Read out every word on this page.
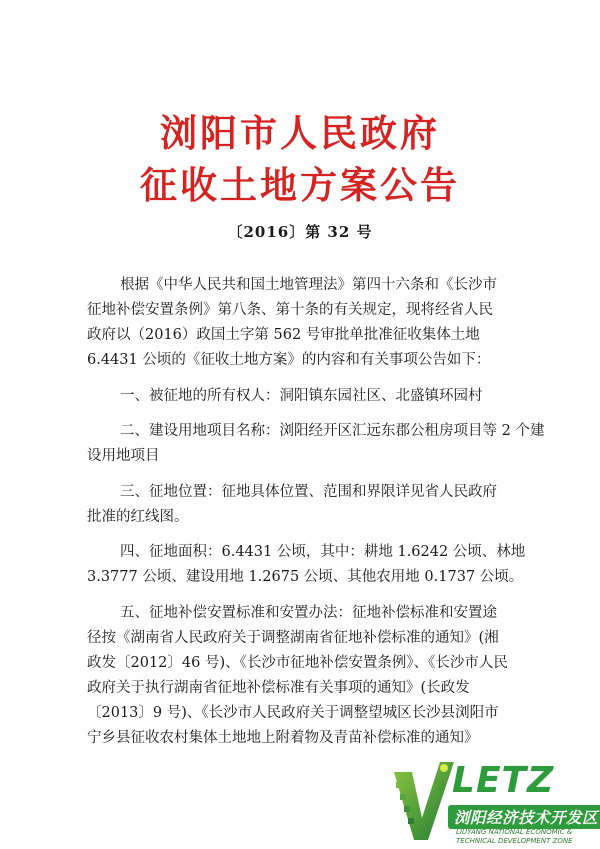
浏阳市人民政府
征收土地方案公告
〔2016〕第 32 号
根据《中华人民共和国土地管理法》第四十六条和《长沙市
征地补偿安置条例》第八条、第十条的有关规定，现将经省人民
政府以（2016）政国土字第 562 号审批单批准征收集体土地
6.4431 公顷的《征收土地方案》的内容和有关事项公告如下：
一、被征地的所有权人：洞阳镇东园社区、北盛镇环园村
二、建设用地项目名称：浏阳经开区汇远东郡公租房项目等 2 个建
设用地项目
三、征地位置：征地具体位置、范围和界限详见省人民政府
批准的红线图。
四、征地面积：6.4431 公顷，其中：耕地 1.6242 公顷、林地
3.3777 公顷、建设用地 1.2675 公顷、其他农用地 0.1737 公顷。
五、征地补偿安置标准和安置办法：征地补偿标准和安置途
径按《湖南省人民政府关于调整湖南省征地补偿标准的通知》(湘
政发〔2012〕46 号)、《长沙市征地补偿安置条例》、《长沙市人民
政府关于执行湖南省征地补偿标准有关事项的通知》(长政发
〔2013〕9 号)、《长沙市人民政府关于调整望城区长沙县浏阳市
宁乡县征收农村集体土地地上附着物及青苗补偿标准的通知》
LETZ
浏阳经济技术开发区
LIUYANG NATIONAL ECONOMIC &
TECHNICAL DEVELOPMENT ZONE
